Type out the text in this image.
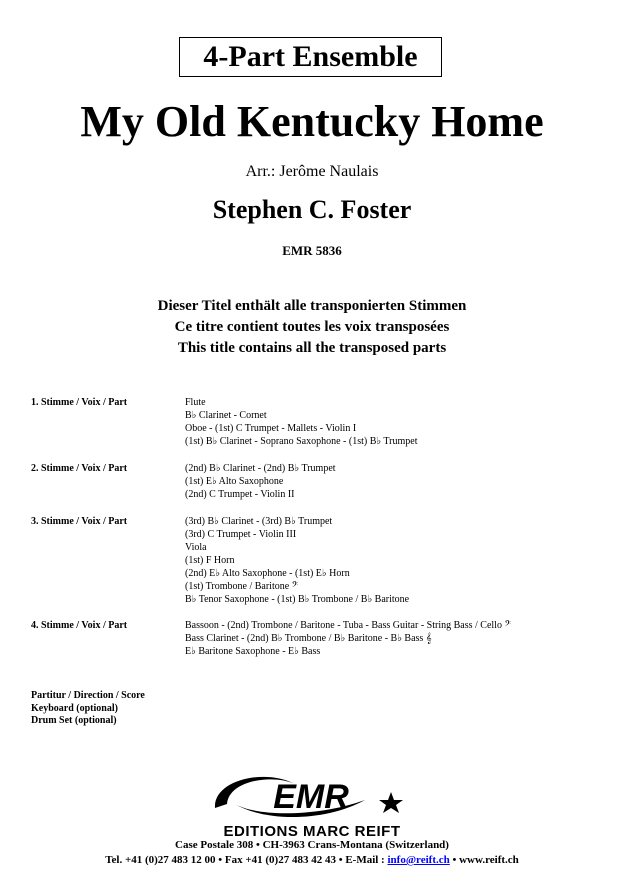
4-Part Ensemble
My Old Kentucky Home
Arr.: Jerôme Naulais
Stephen C. Foster
EMR 5836
Dieser Titel enthält alle transponierten Stimmen
Ce titre contient toutes les voix transposées
This title contains all the transposed parts
1. Stimme / Voix / Part	Flute
B♭ Clarinet - Cornet
Oboe - (1st) C Trumpet - Mallets - Violin I
(1st) B♭ Clarinet - Soprano Saxophone - (1st) B♭ Trumpet
2. Stimme / Voix / Part	(2nd) B♭ Clarinet - (2nd) B♭ Trumpet
(1st) E♭ Alto Saxophone
(2nd) C Trumpet - Violin II
3. Stimme / Voix / Part	(3rd) B♭ Clarinet - (3rd) B♭ Trumpet
(3rd) C Trumpet - Violin III
Viola
(1st) F Horn
(2nd) E♭ Alto Saxophone - (1st) E♭ Horn
(1st) Trombone / Baritone 𝄢
B♭ Tenor Saxophone - (1st) B♭ Trombone / B♭ Baritone
4. Stimme / Voix / Part	Bassoon - (2nd) Trombone / Baritone - Tuba - Bass Guitar - String Bass / Cello 𝄢
Bass Clarinet - (2nd) B♭ Trombone / B♭ Baritone - B♭ Bass 𝄞
E♭ Baritone Saxophone - E♭ Bass
Partitur / Direction / Score
Keyboard (optional)
Drum Set (optional)
EMR
EDITIONS MARC REIFT
Case Postale 308 • CH-3963 Crans-Montana (Switzerland)
Tel. +41 (0)27 483 12 00 • Fax +41 (0)27 483 42 43 • E-Mail : info@reift.ch • www.reift.ch
